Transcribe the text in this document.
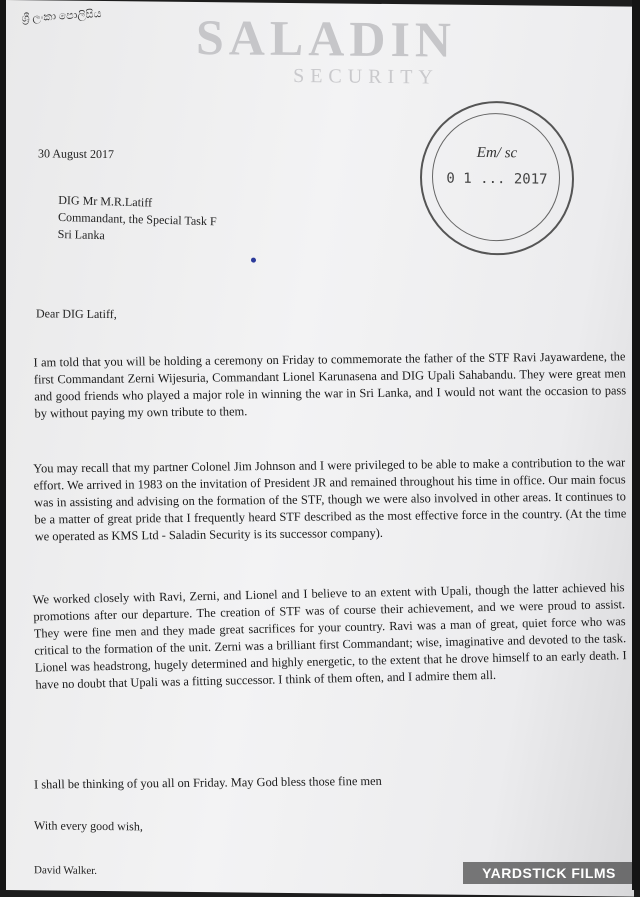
ශ්‍රී ලංකා පොලිසිය	SALADIN
SECURITY
Em/ sc
0 1 ... 2017
30 August 2017
DIG Mr M.R.Latiff
Commandant, the Special Task F
Sri Lanka
Dear DIG Latiff,
I am told that you will be holding a ceremony on Friday to commemorate the father of the STF Ravi Jayawardene, the first Commandant Zerni Wijesuria, Commandant Lionel Karunasena and DIG Upali Sahabandu. They were great men and good friends who played a major role in winning the war in Sri Lanka, and I would not want the occasion to pass by without paying my own tribute to them.
You may recall that my partner Colonel Jim Johnson and I were privileged to be able to make a contribution to the war effort. We arrived in 1983 on the invitation of President JR and remained throughout his time in office. Our main focus was in assisting and advising on the formation of the STF, though we were also involved in other areas. It continues to be a matter of great pride that I frequently heard STF described as the most effective force in the country. (At the time we operated as KMS Ltd - Saladin Security is its successor company).
We worked closely with Ravi, Zerni, and Lionel and I believe to an extent with Upali, though the latter achieved his promotions after our departure. The creation of STF was of course their achievement, and we were proud to assist. They were fine men and they made great sacrifices for your country. Ravi was a man of great, quiet force who was critical to the formation of the unit. Zerni was a brilliant first Commandant; wise, imaginative and devoted to the task. Lionel was headstrong, hugely determined and highly energetic, to the extent that he drove himself to an early death. I have no doubt that Upali was a fitting successor. I think of them often, and I admire them all.
I shall be thinking of you all on Friday. May God bless those fine men
With every good wish,
David Walker.	YARDSTICK FILMS
